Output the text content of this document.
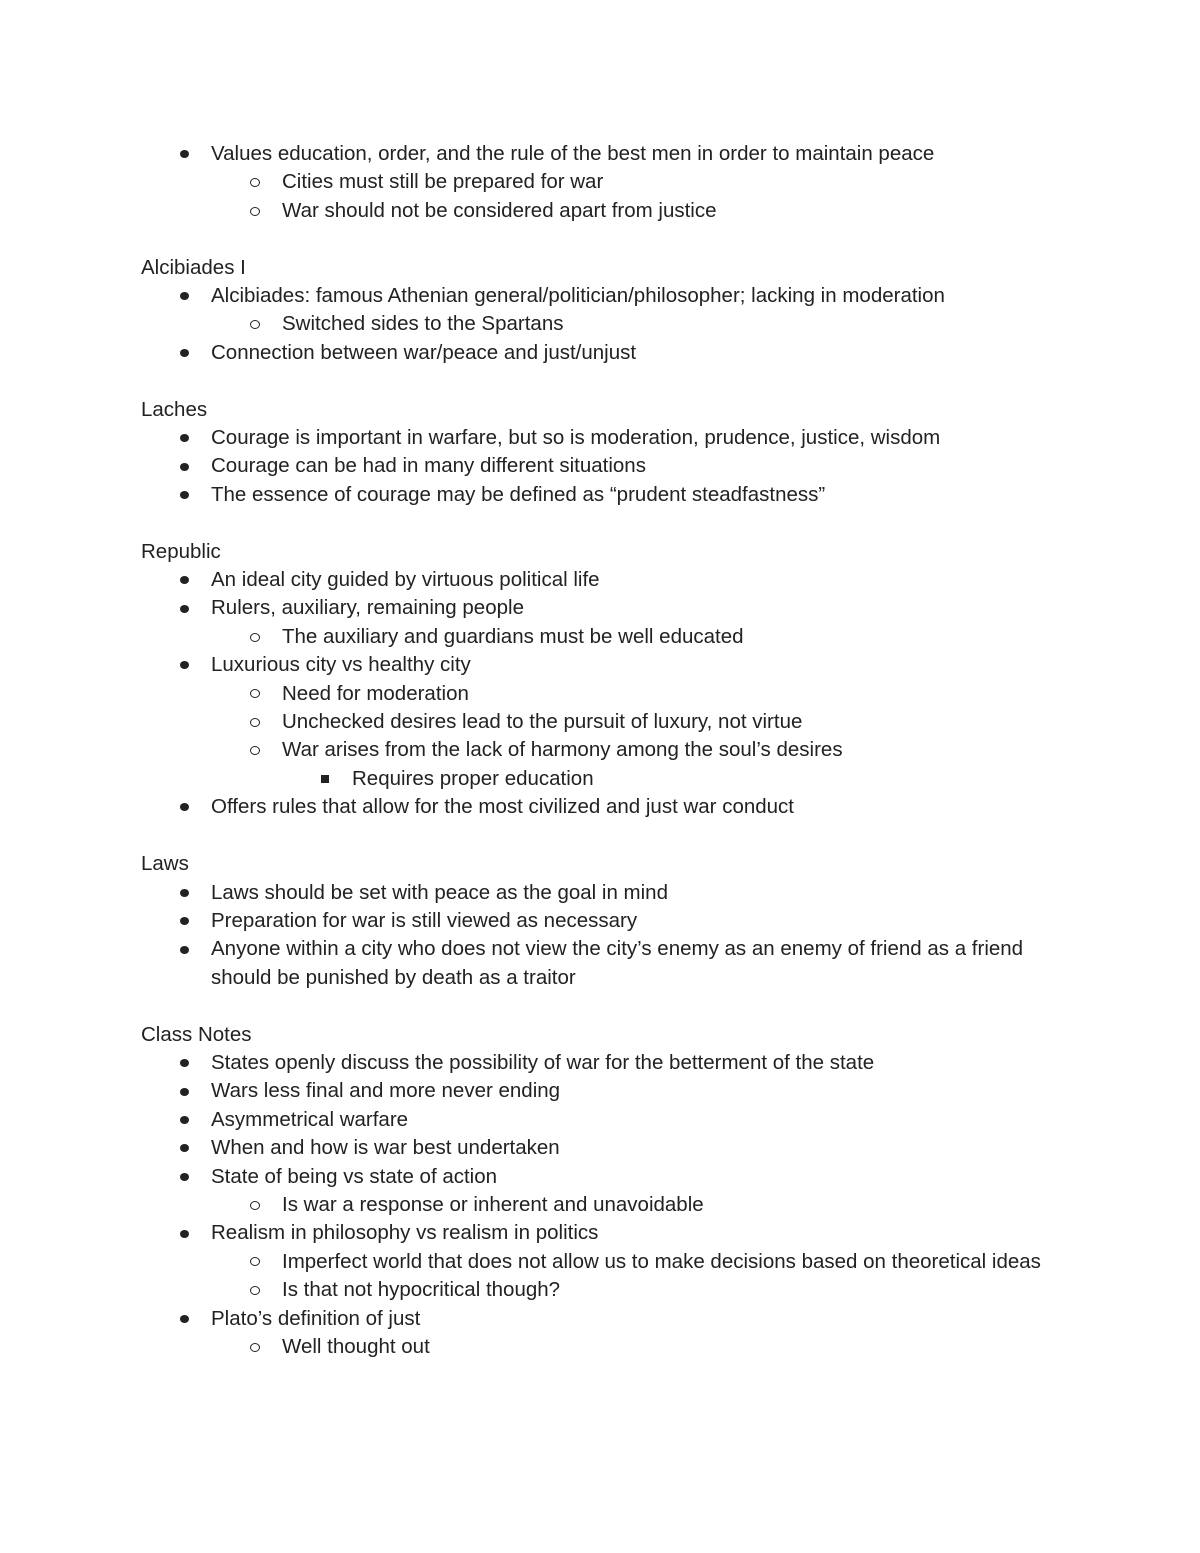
Values education, order, and the rule of the best men in order to maintain peace
Cities must still be prepared for war
War should not be considered apart from justice
Alcibiades I
Alcibiades: famous Athenian general/politician/philosopher; lacking in moderation
Switched sides to the Spartans
Connection between war/peace and just/unjust
Laches
Courage is important in warfare, but so is moderation, prudence, justice, wisdom
Courage can be had in many different situations
The essence of courage may be defined as “prudent steadfastness”
Republic
An ideal city guided by virtuous political life
Rulers, auxiliary, remaining people
The auxiliary and guardians must be well educated
Luxurious city vs healthy city
Need for moderation
Unchecked desires lead to the pursuit of luxury, not virtue
War arises from the lack of harmony among the soul’s desires
Requires proper education
Offers rules that allow for the most civilized and just war conduct
Laws
Laws should be set with peace as the goal in mind
Preparation for war is still viewed as necessary
Anyone within a city who does not view the city’s enemy as an enemy of friend as a friend should be punished by death as a traitor
Class Notes
States openly discuss the possibility of war for the betterment of the state
Wars less final and more never ending
Asymmetrical warfare
When and how is war best undertaken
State of being vs state of action
Is war a response or inherent and unavoidable
Realism in philosophy vs realism in politics
Imperfect world that does not allow us to make decisions based on theoretical ideas
Is that not hypocritical though?
Plato’s definition of just
Well thought out
